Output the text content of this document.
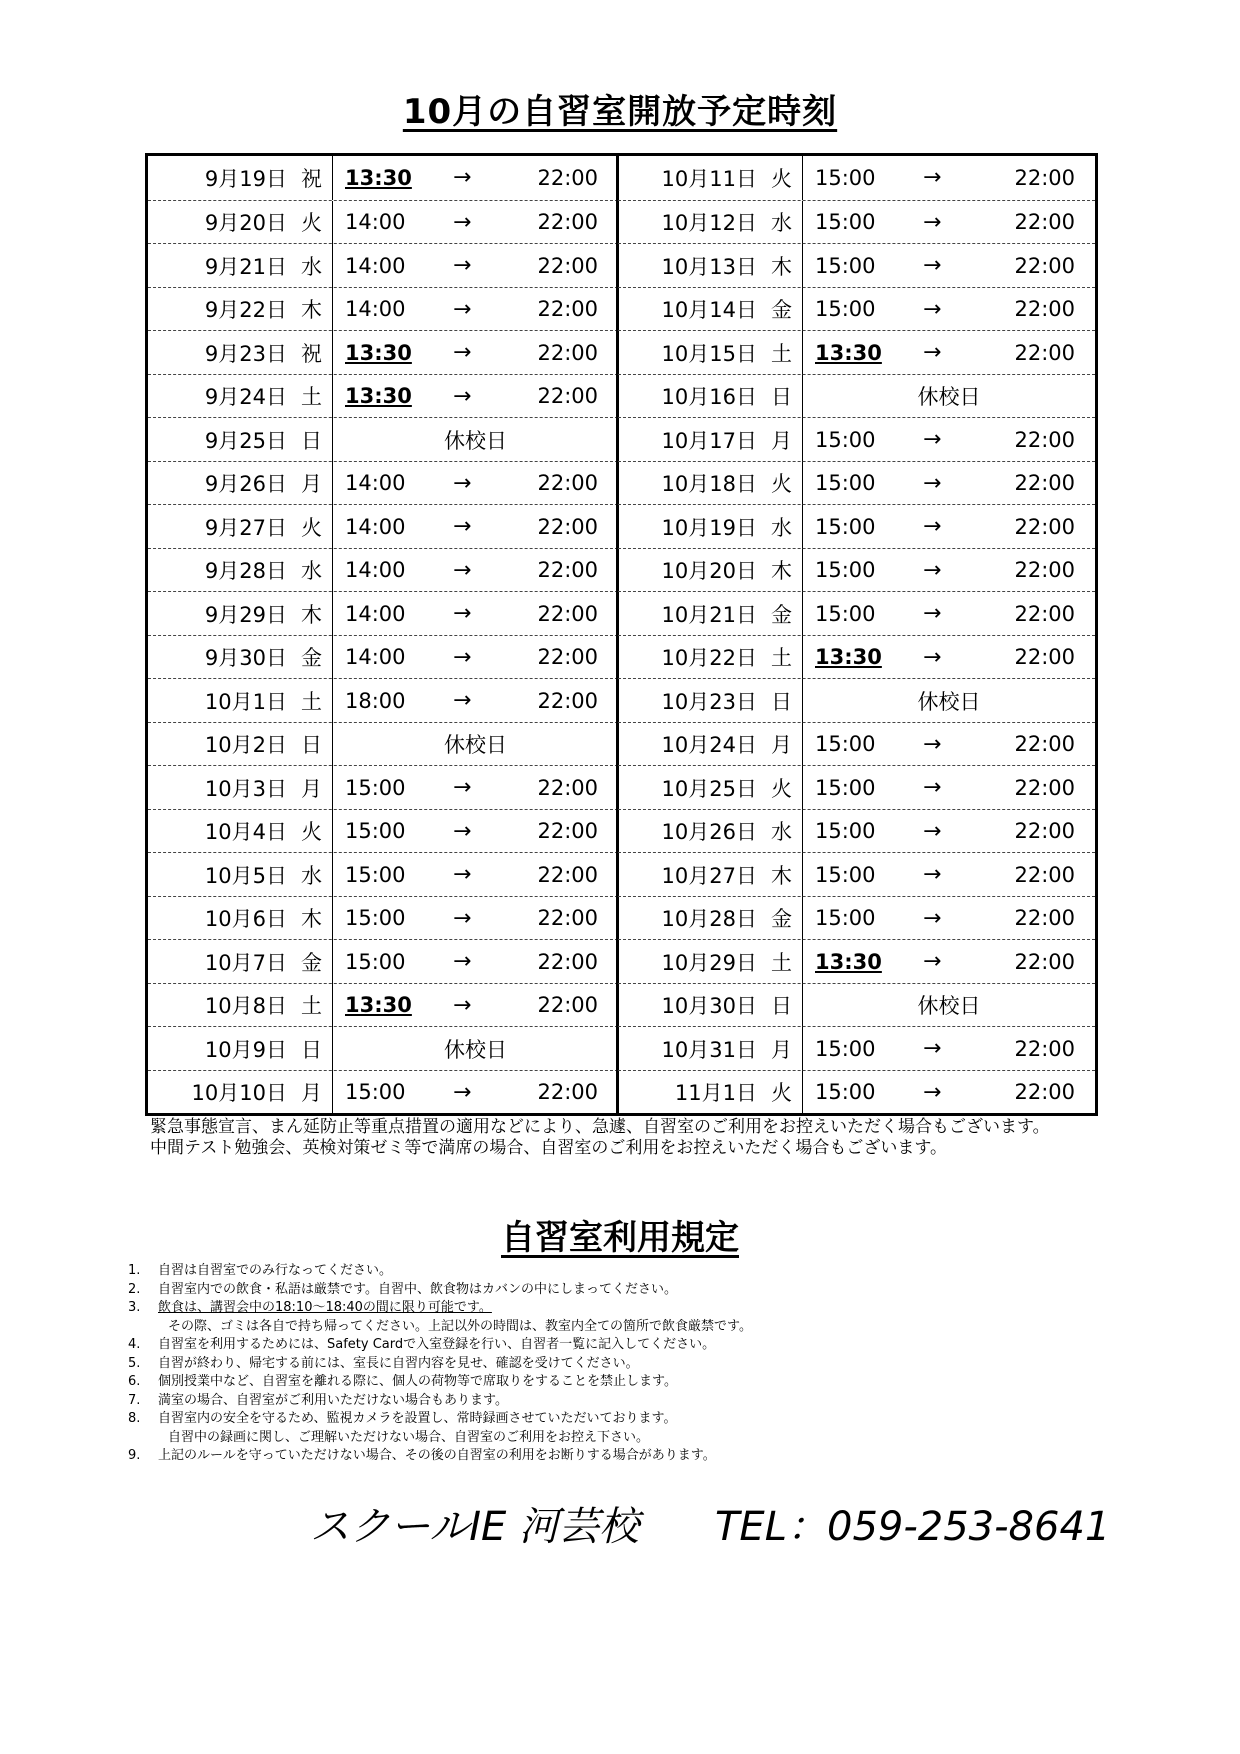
10月の自習室開放予定時刻
9月19日 祝 13:30 →	22:00
9月20日 火 14:00 →	22:00
9月21日 水 14:00 →	22:00
9月22日 木 14:00 →	22:00
9月23日 祝 13:30 →	22:00
9月24日 土 13:30 →	22:00
9月25日 日	休校日
9月26日 月 14:00 →	22:00
9月27日 火 14:00 →	22:00
9月28日 水 14:00 →	22:00
9月29日 木 14:00 →	22:00
9月30日 金 14:00 →	22:00
10月1日 土 18:00 →	22:00
10月2日 日	休校日
10月3日 月 15:00 →	22:00
10月4日 火 15:00 →	22:00
10月5日 水 15:00 →	22:00
10月6日 木 15:00 →	22:00
10月7日 金 15:00 →	22:00
10月8日 土 13:30 →	22:00
10月9日 日	休校日
10月10日 月 15:00 →	22:00
10月11日 火 15:00 →	22:00
10月12日 水 15:00 →	22:00
10月13日 木 15:00 →	22:00
10月14日 金 15:00 →	22:00
10月15日 土 13:30 →	22:00
10月16日 日	休校日
10月17日 月 15:00 →	22:00
10月18日 火 15:00 →	22:00
10月19日 水 15:00 →	22:00
10月20日 木 15:00 →	22:00
10月21日 金 15:00 →	22:00
10月22日 土 13:30 →	22:00
10月23日 日	休校日
10月24日 月 15:00 →	22:00
10月25日 火 15:00 →	22:00
10月26日 水 15:00 →	22:00
10月27日 木 15:00 →	22:00
10月28日 金 15:00 →	22:00
10月29日 土 13:30 →	22:00
10月30日 日	休校日
10月31日 月 15:00 →	22:00
11月1日 火 15:00 →	22:00

緊急事態宣言、まん延防止等重点措置の適用などにより、急遽、自習室のご利用をお控えいただく場合もございます。

中間テスト勉強会、英検対策ゼミ等で満席の場合、自習室のご利用をお控えいただく場合もございます。

自習室利用規定
1. 自習は自習室でのみ行なってください。
2. 自習室内での飲食・私語は厳禁です。自習中、飲食物はカバンの中にしまってください。
3. 飲食は、講習会中の18:10～18:40の間に限り可能です。
その際、ゴミは各自で持ち帰ってください。上記以外の時間は、教室内全ての箇所で飲食厳禁です。
4. 自習室を利用するためには、Safety Cardで入室登録を行い、自習者一覧に記入してください。
5. 自習が終わり、帰宅する前には、室長に自習内容を見せ、確認を受けてください。
6. 個別授業中など、自習室を離れる際に、個人の荷物等で席取りをすることを禁止します。
7. 満室の場合、自習室がご利用いただけない場合もあります。
8. 自習室内の安全を守るため、監視カメラを設置し、常時録画させていただいております。
自習中の録画に関し、ご理解いただけない場合、自習室のご利用をお控え下さい。
9. 上記のルールを守っていただけない場合、その後の自習室の利用をお断りする場合があります。
スクールIE 河芸校 TEL：059-253-8641
